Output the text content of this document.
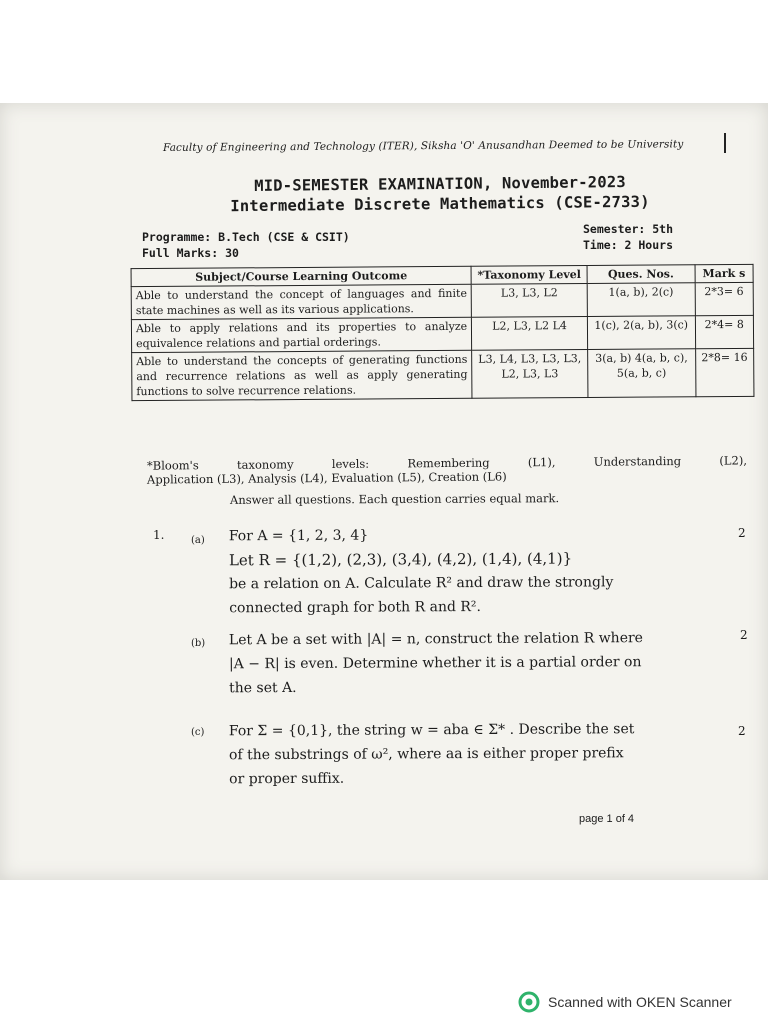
Faculty of Engineering and Technology (ITER), Siksha 'O' Anusandhan Deemed to be University
MID-SEMESTER EXAMINATION, November-2023
Intermediate Discrete Mathematics (CSE-2733)
Programme: B.Tech (CSE & CSIT)
Full Marks: 30
Semester: 5th
Time: 2 Hours
Subject/Course Learning Outcome	*Taxonomy Level	Ques. Nos.	Mark s
Able to understand the concept of languages and finite state machines as well as its various applications.	L3, L3, L2	1(a, b), 2(c)	2*3= 6
Able to apply relations and its properties to analyze equivalence relations and partial orderings.	L2, L3, L2 L4	1(c), 2(a, b), 3(c)	2*4= 8
Able to understand the concepts of generating functions and recurrence relations as well as apply generating functions to solve recurrence relations.	L3, L4, L3, L3, L3, L2, L3, L3	3(a, b) 4(a, b, c), 5(a, b, c)	2*8= 16
*Bloom's taxonomy levels: Remembering (L1), Understanding (L2),
Application (L3), Analysis (L4), Evaluation (L5), Creation (L6)
Answer all questions. Each question carries equal mark.
1.	(a) For A = {1, 2, 3, 4}
Let R = {(1,2), (2,3), (3,4), (4,2), (1,4), (4,1)}
be a relation on A. Calculate R² and draw the strongly
connected graph for both R and R².
2
(b) Let A be a set with |A| = n, construct the relation R where
|A − R| is even. Determine whether it is a partial order on
the set A.
2
(c) For Σ = {0,1}, the string w = aba ∈ Σ* . Describe the set
of the substrings of ω², where aa is either proper prefix
or proper suffix.
2
page 1 of 4
Scanned with OKEN Scanner
